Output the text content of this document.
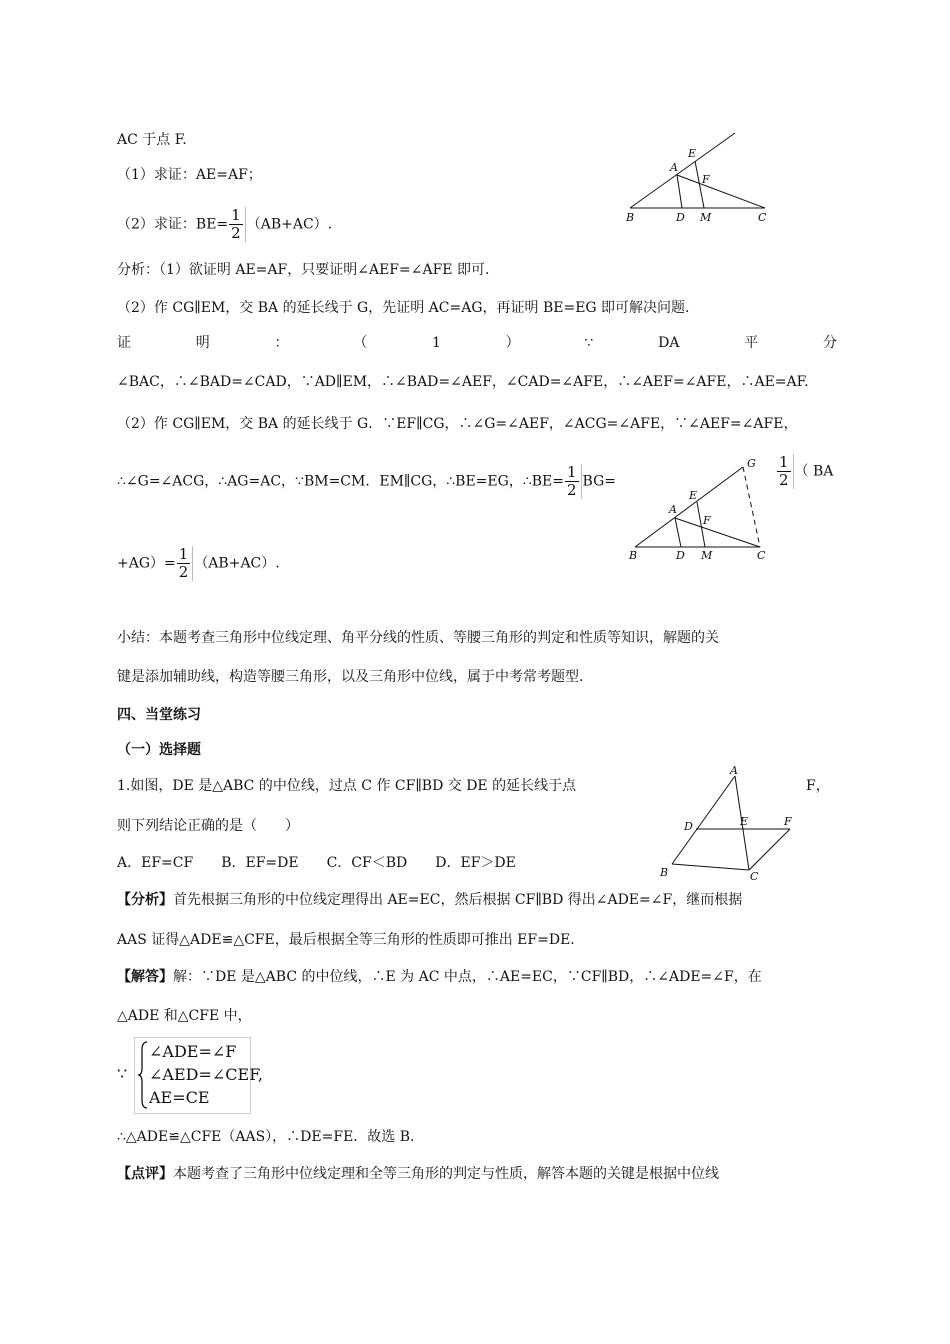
AC 于点 F.
（1）求证：AE=AF；
（2）求证：$BE= \frac{1}{2} (AB+AC)$.
A
E
F
B	D M	C
分析：（1）欲证明 AE=AF，只要证明∠AEF=∠AFE 即可.
（2）作 CG∥EM，交 BA 的延长线于 G，先证明 AC=AG，再证明 BE=EG 即可解决问题.
证	明	：	（	1	）	∵	DA	平	分
∠BAC，∴∠BAD=∠CAD，∵AD∥EM，∴∠BAD=∠AEF，∠CAD=∠AFE，∴∠AEF=∠AFE，∴AE=AF.
（2）作 CG∥EM，交 BA 的延长线于 G．∵EF∥CG，∴∠G=∠AEF，∠ACG=∠AFE，∵∠AEF=∠AFE，
∴∠G=∠ACG，∴AG=AC，∵BM=CM．EM∥CG，∴BE=EG，∴BE= $\frac{1}{2} BG=$	$\frac{1}{2}$ （ BA
G
E
A
F
B	D M	C
$+AG)= \frac{1}{2} (AB+AC)$.
小结：本题考查三角形中位线定理、角平分线的性质、等腰三角形的判定和性质等知识，解题的关
键是添加辅助线，构造等腰三角形，以及三角形中位线，属于中考常考题型.
四、当堂练习
（一）选择题
1.如图，DE 是△ABC 的中位线，过点 C 作 CF∥BD 交 DE 的延长线于点	F，
A
D	E	F
B	C
则下列结论正确的是（　　）
A．EF=CF　　B．EF=DE　　C．CF＜BD　　D．EF＞DE
【分析】首先根据三角形的中位线定理得出 AE=EC，然后根据 CF∥BD 得出∠ADE=∠F，继而根据
AAS 证得△ADE≌△CFE，最后根据全等三角形的性质即可推出 EF=DE.
【解答】解：∵DE 是△ABC 的中位线，∴E 为 AC 中点，∴AE=EC，∵CF∥BD，∴∠ADE=∠F，在
△ADE 和△CFE 中，
∵
∠ADE=∠F
∠AED=∠CEF,
AE=CE
∴△ADE≌△CFE（AAS），∴DE=FE．故选 B.
【点评】本题考查了三角形中位线定理和全等三角形的判定与性质，解答本题的关键是根据中位线
